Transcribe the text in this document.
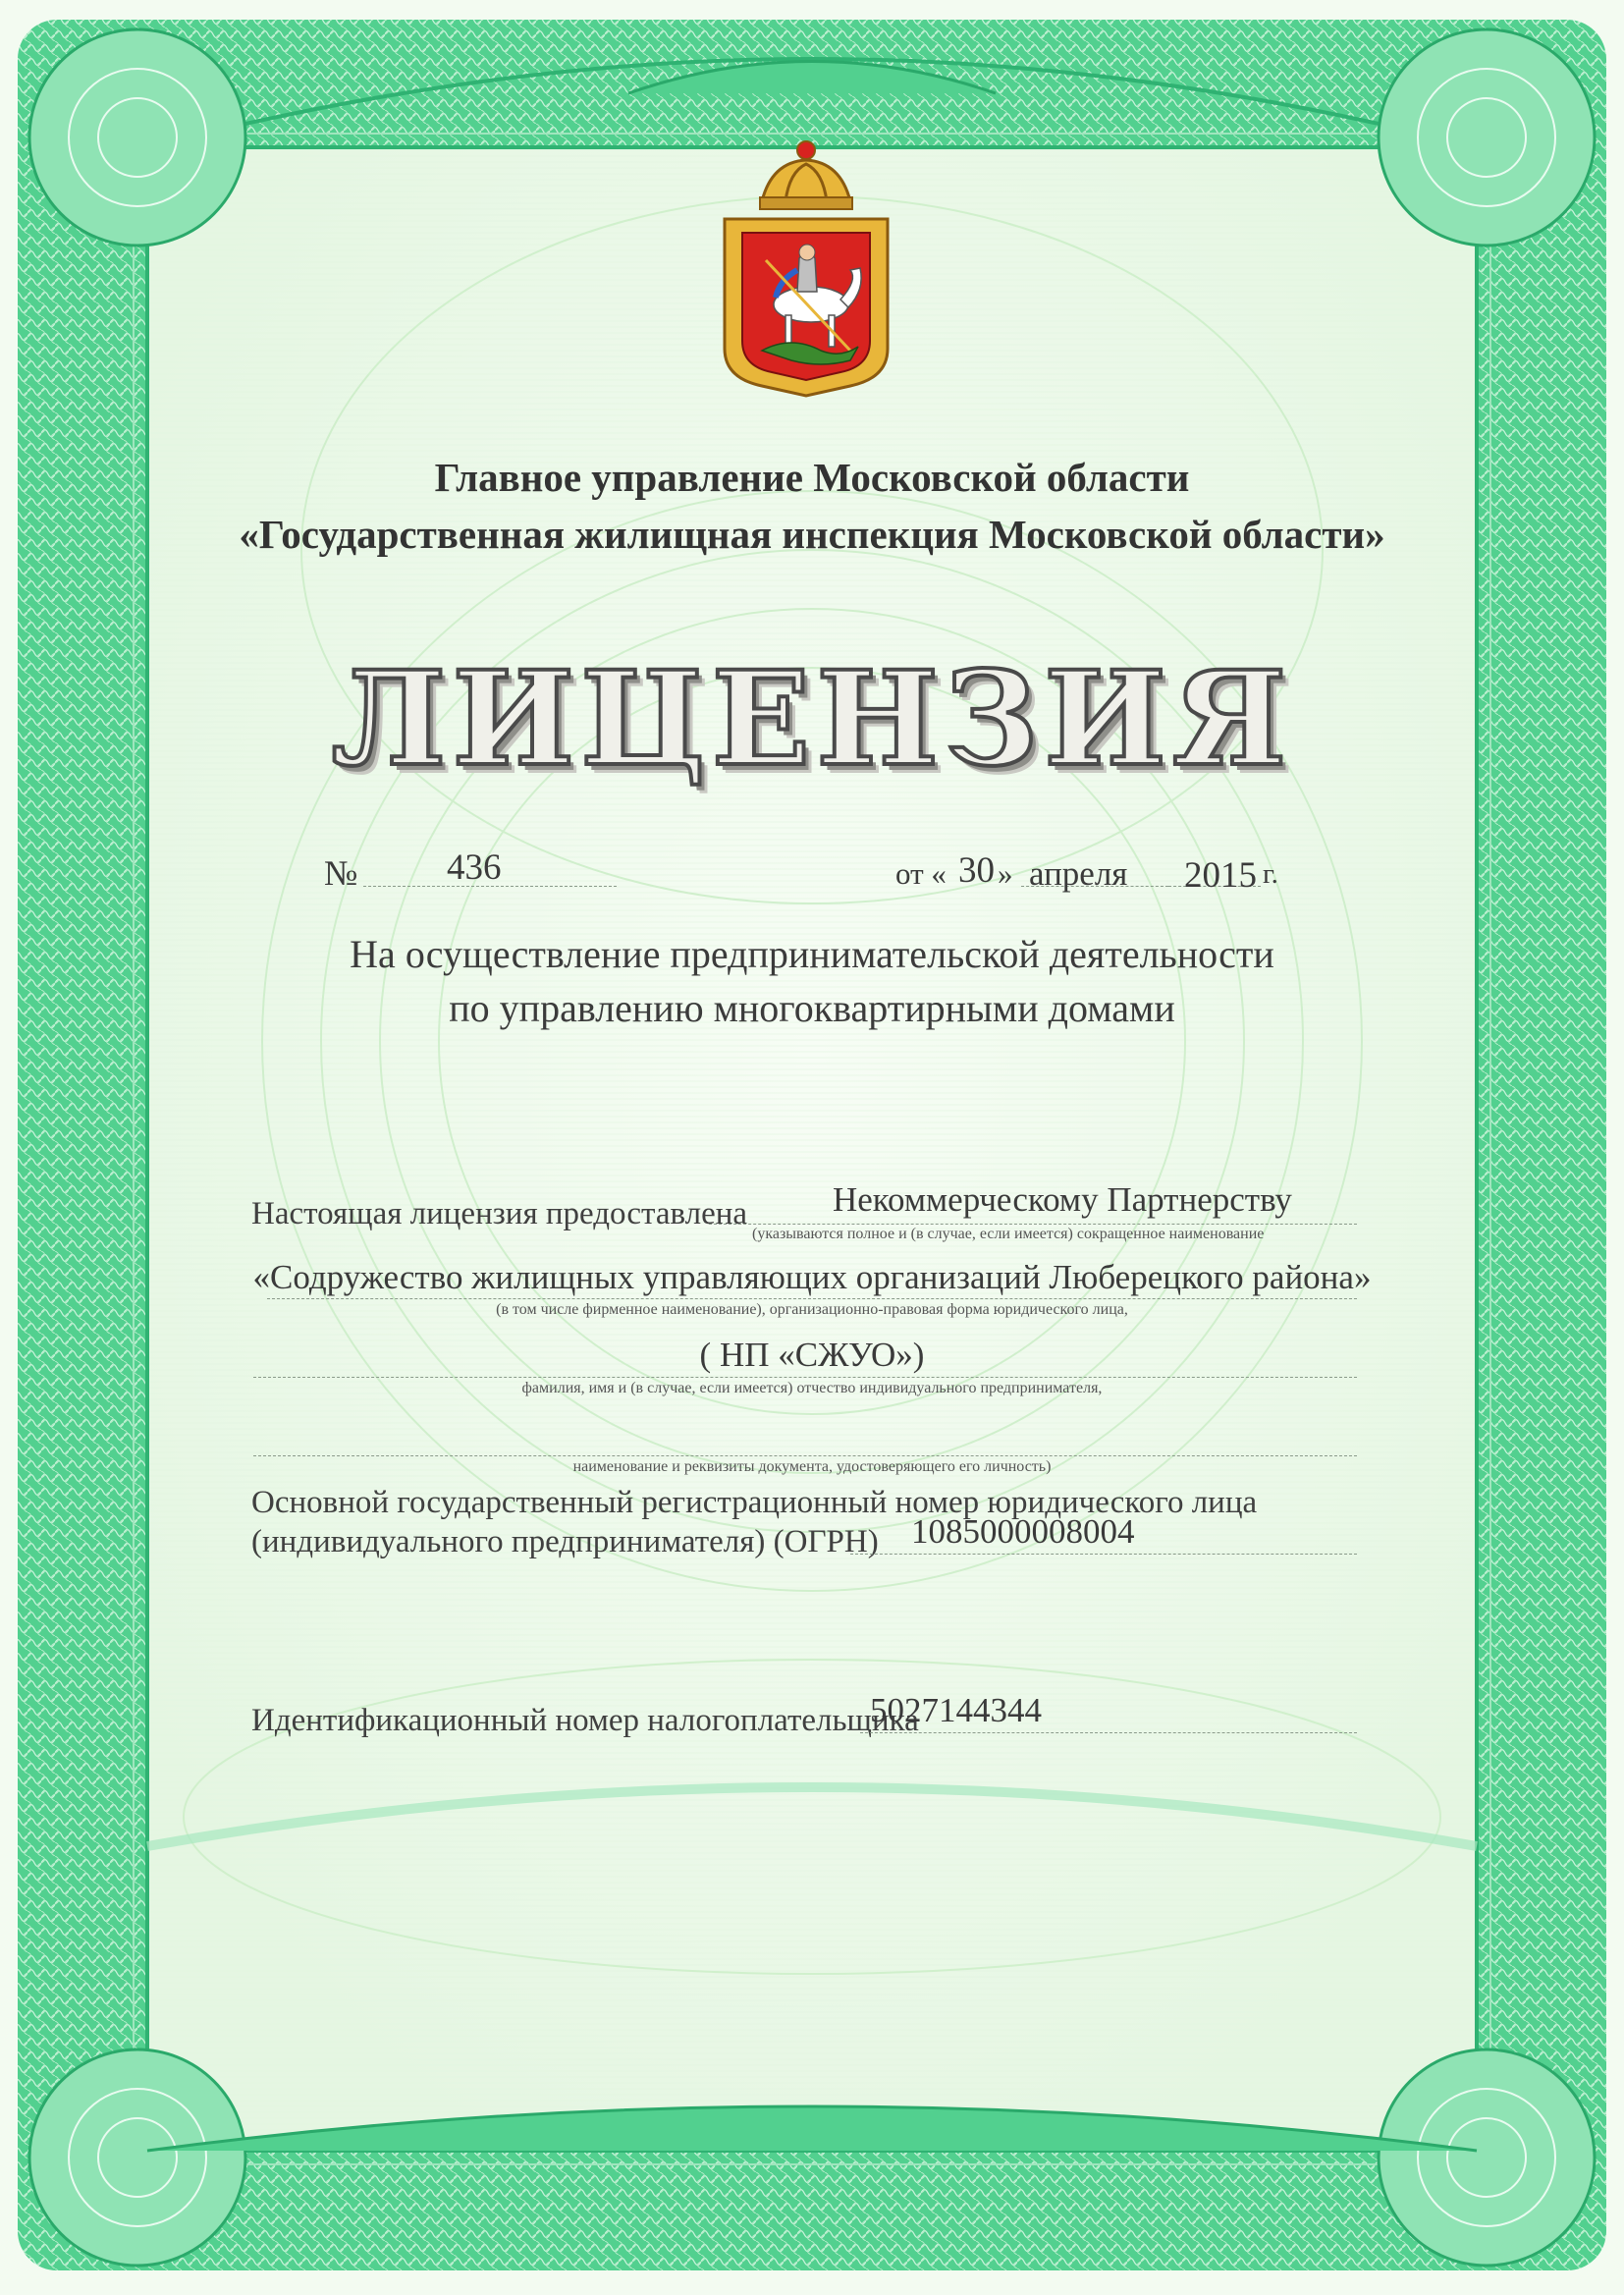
Главное управление Московской области
«Государственная жилищная инспекция Московской области»
ЛИЦЕНЗИЯ
№ 436	от « 30 » апреля 2015 г.
На осуществление предпринимательской деятельности
по управлению многоквартирными домами
Настоящая лицензия предоставлена Некоммерческому Партнерству
(указываются полное и (в случае, если имеется) сокращенное наименование
«Содружество жилищных управляющих организаций Люберецкого района»
(в том числе фирменное наименование), организационно-правовая форма юридического лица,
( НП «СЖУО»)
фамилия, имя и (в случае, если имеется) отчество индивидуального предпринимателя,
наименование и реквизиты документа, удостоверяющего его личность)
Основной государственный регистрационный номер юридического лица
(индивидуального предпринимателя) (ОГРН) 1085000008004
Идентификационный номер налогоплательщика
5027144344
